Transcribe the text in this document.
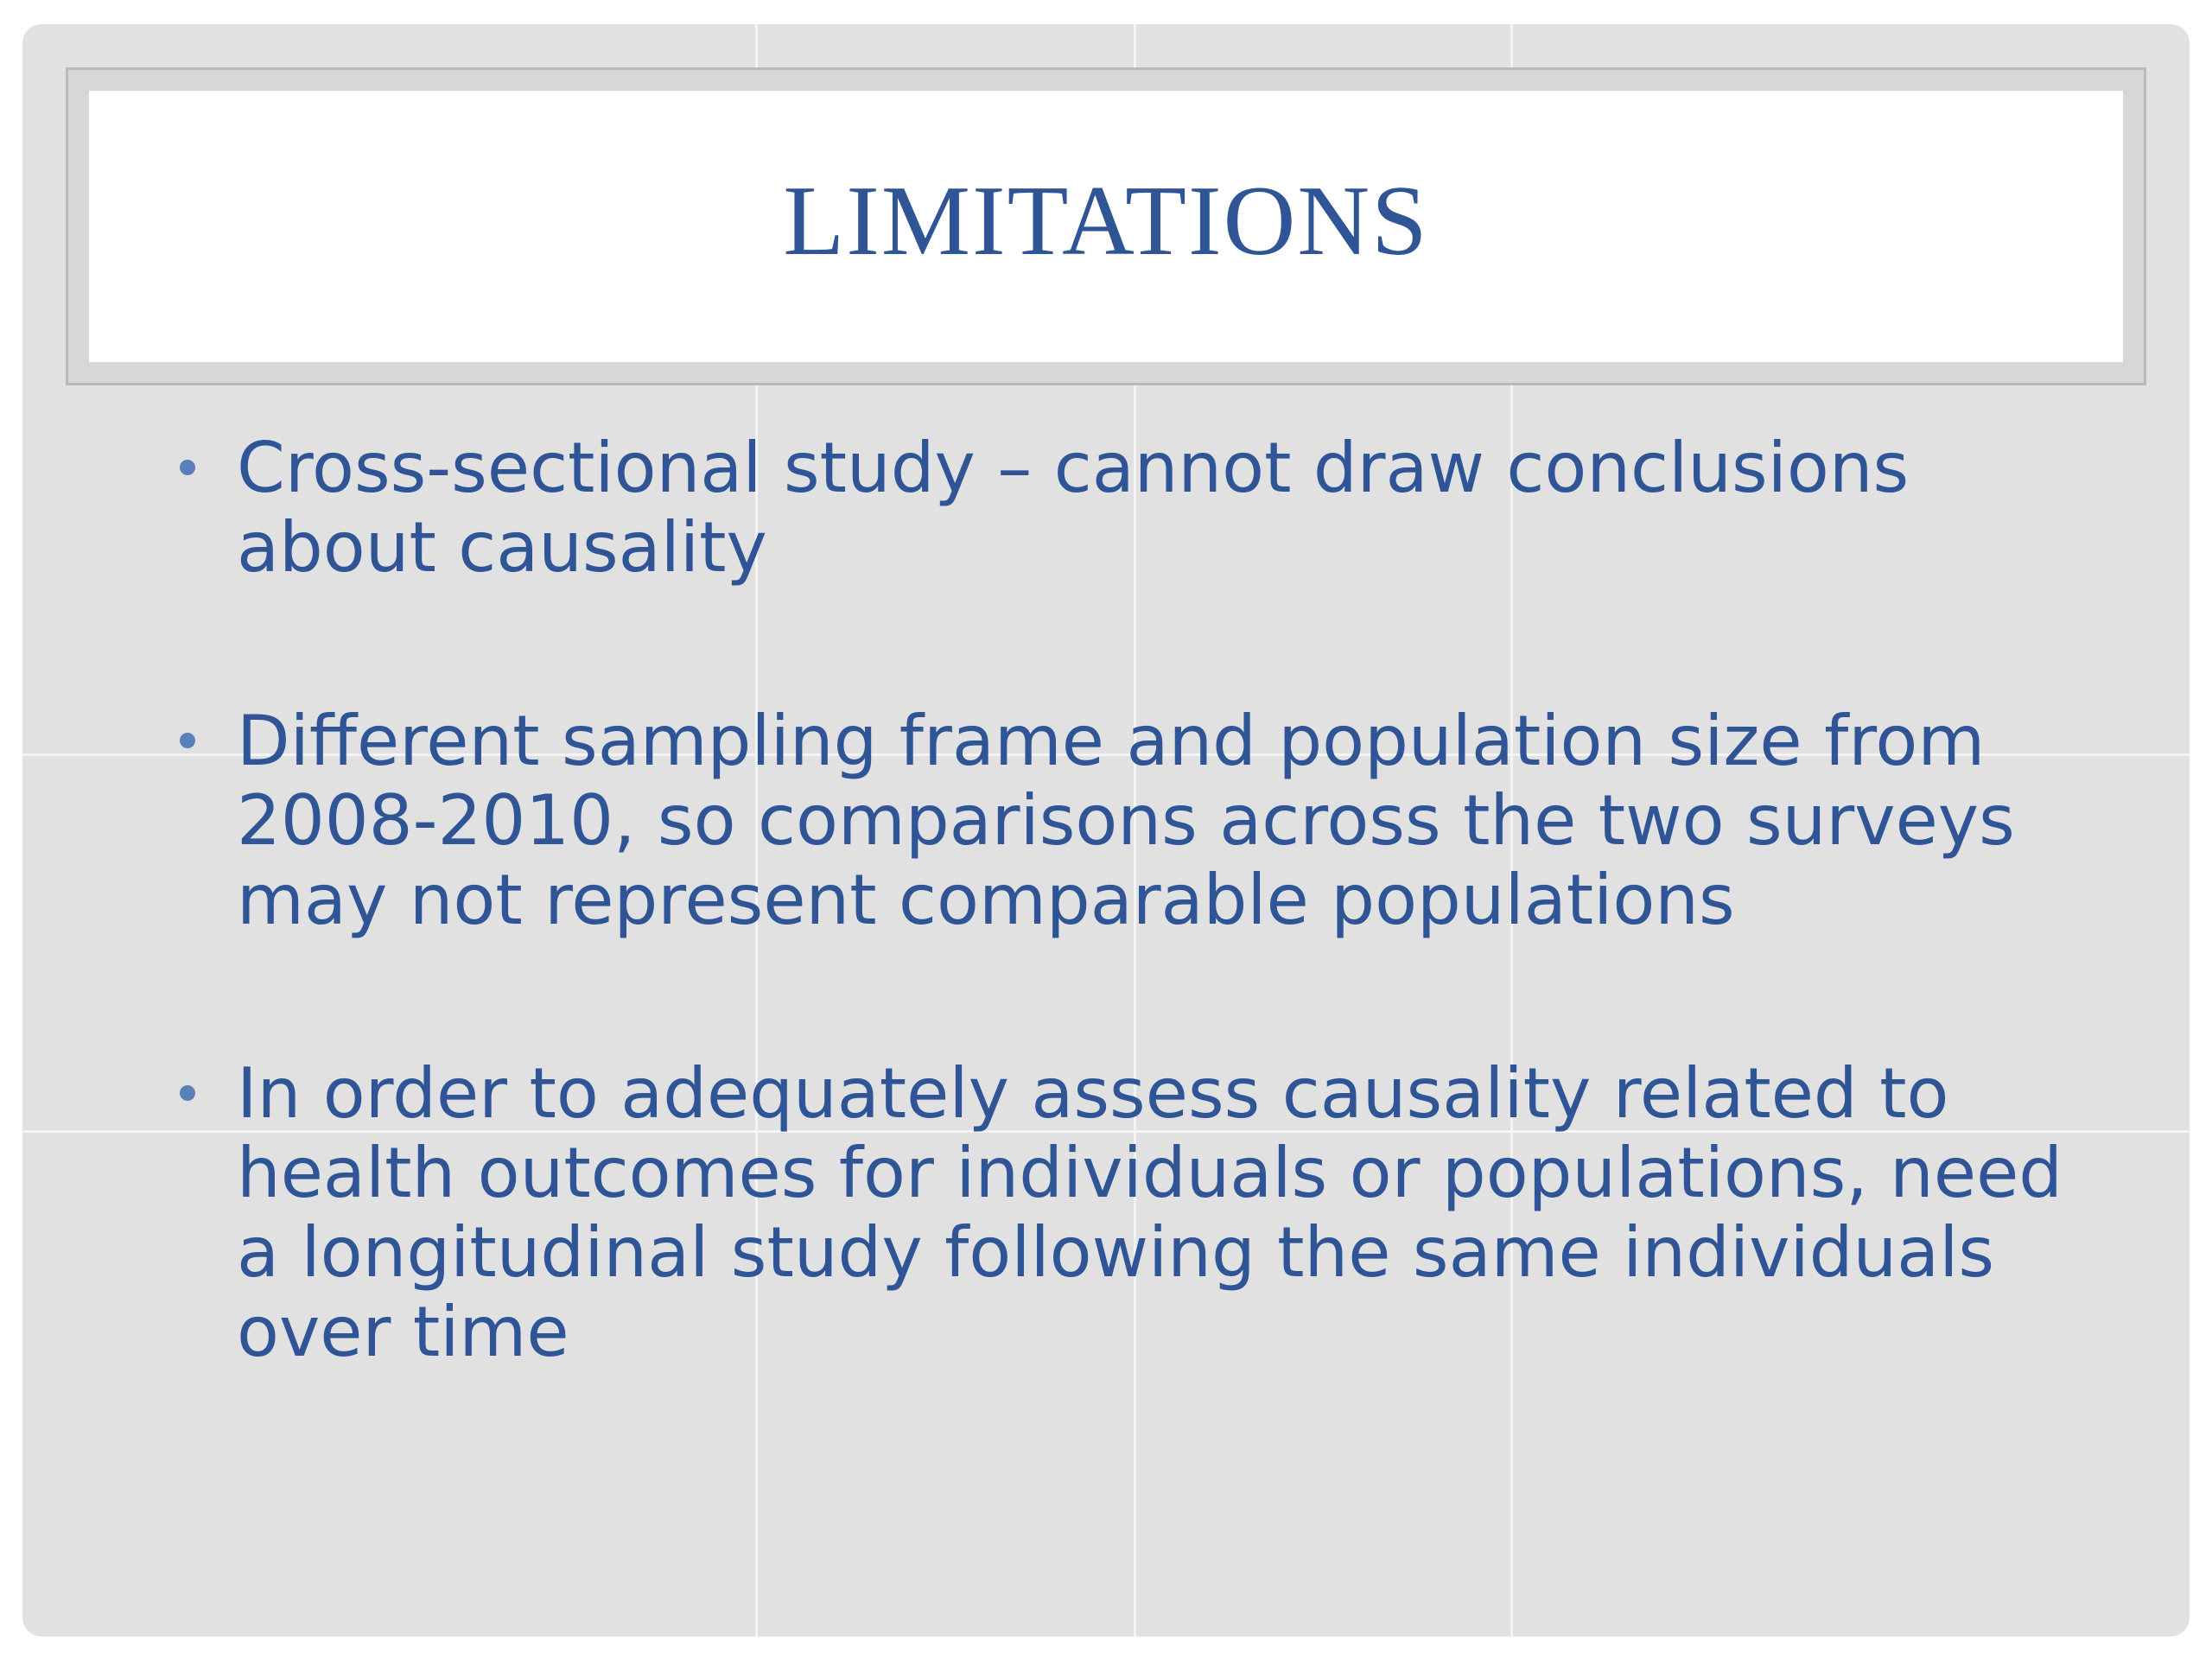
LIMITATIONS
Cross-sectional study – cannot draw conclusions about causality
Different sampling frame and population size from 2008-2010, so comparisons across the two surveys may not represent comparable populations
In order to adequately assess causality related to health outcomes for individuals or populations, need a longitudinal study following the same individuals over time
